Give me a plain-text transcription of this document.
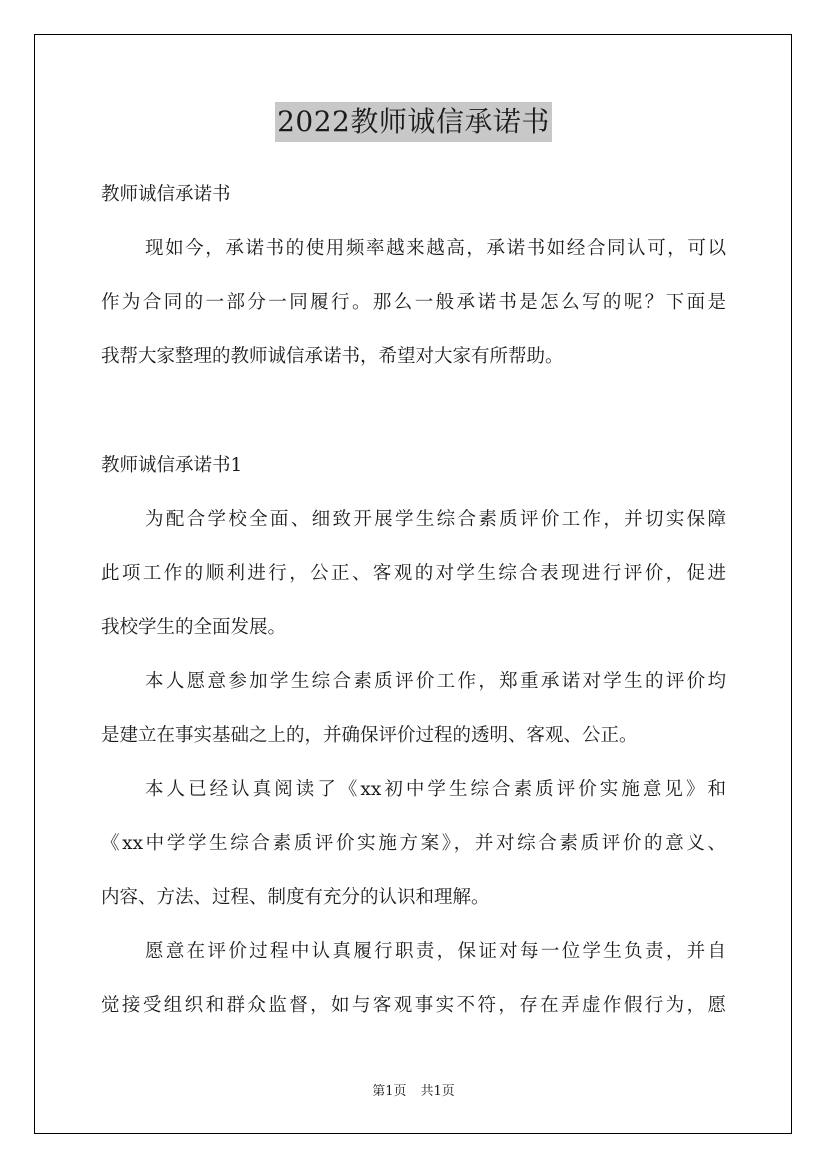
2022教师诚信承诺书
教师诚信承诺书
现如今，承诺书的使用频率越来越高，承诺书如经合同认可，可以
作为合同的一部分一同履行。那么一般承诺书是怎么写的呢？下面是
我帮大家整理的教师诚信承诺书，希望对大家有所帮助。
教师诚信承诺书1
为配合学校全面、细致开展学生综合素质评价工作，并切实保障
此项工作的顺利进行，公正、客观的对学生综合表现进行评价，促进
我校学生的全面发展。
本人愿意参加学生综合素质评价工作，郑重承诺对学生的评价均
是建立在事实基础之上的，并确保评价过程的透明、客观、公正。
本人已经认真阅读了《xx初中学生综合素质评价实施意见》和
《xx中学学生综合素质评价实施方案》，并对综合素质评价的意义、
内容、方法、过程、制度有充分的认识和理解。
愿意在评价过程中认真履行职责，保证对每一位学生负责，并自
觉接受组织和群众监督，如与客观事实不符，存在弄虚作假行为，愿
第1页 共1页
